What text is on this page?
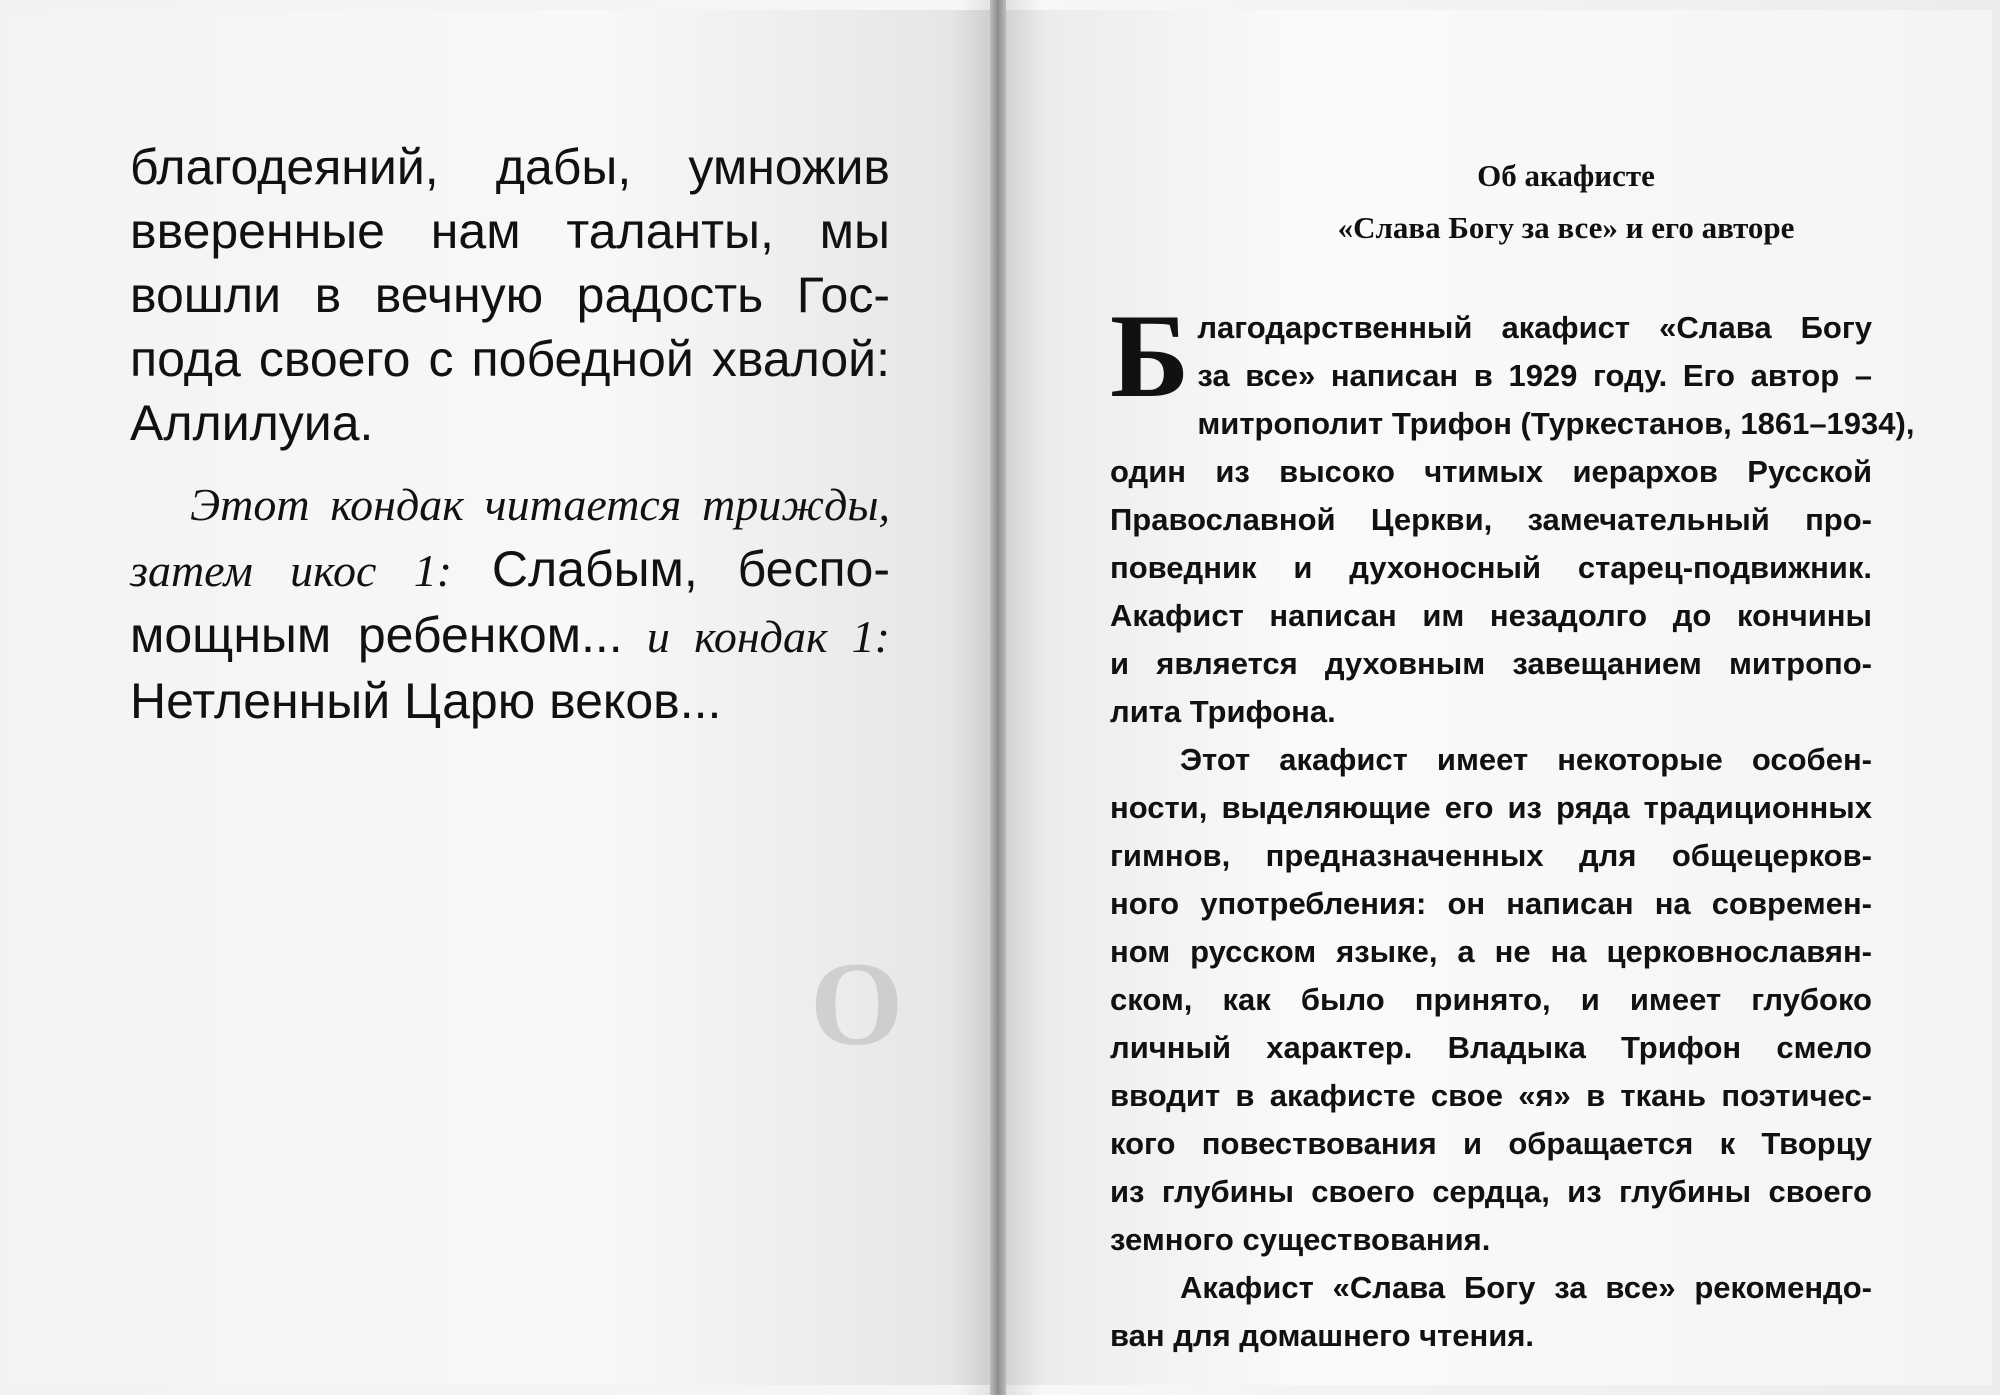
О
благодеяний, дабы, умножив
вверенные нам таланты, мы
вошли в вечную радость Гос-
пода своего с победной хвалой:
Аллилуиа.
Этот кондак читается трижды,
затем икос 1: Слабым, беспо-
мощным ребенком... и кондак 1:
Нетленный Царю веков...
Об акафисте
«Слава Богу за все» и его авторе

Б лагодарственный акафист «Слава Богу
за все» написан в 1929 году. Его автор –
митрополит Трифон (Туркестанов, 1861–1934),
один из высоко чтимых иерархов Русской
Православной Церкви, замечательный про-
поведник и духоносный старец-подвижник.
Акафист написан им незадолго до кончины
и является духовным завещанием митропо-
лита Трифона.

Этот акафист имеет некоторые особен-
ности, выделяющие его из ряда традиционных
гимнов, предназначенных для общецерков-
ного употребления: он написан на современ-
ном русском языке, а не на церковнославян-
ском, как было принято, и имеет глубоко
личный характер. Владыка Трифон смело
вводит в акафисте свое «я» в ткань поэтичес-
кого повествования и обращается к Творцу
из глубины своего сердца, из глубины своего
земного существования.

Акафист «Слава Богу за все» рекомендо-
ван для домашнего чтения.
